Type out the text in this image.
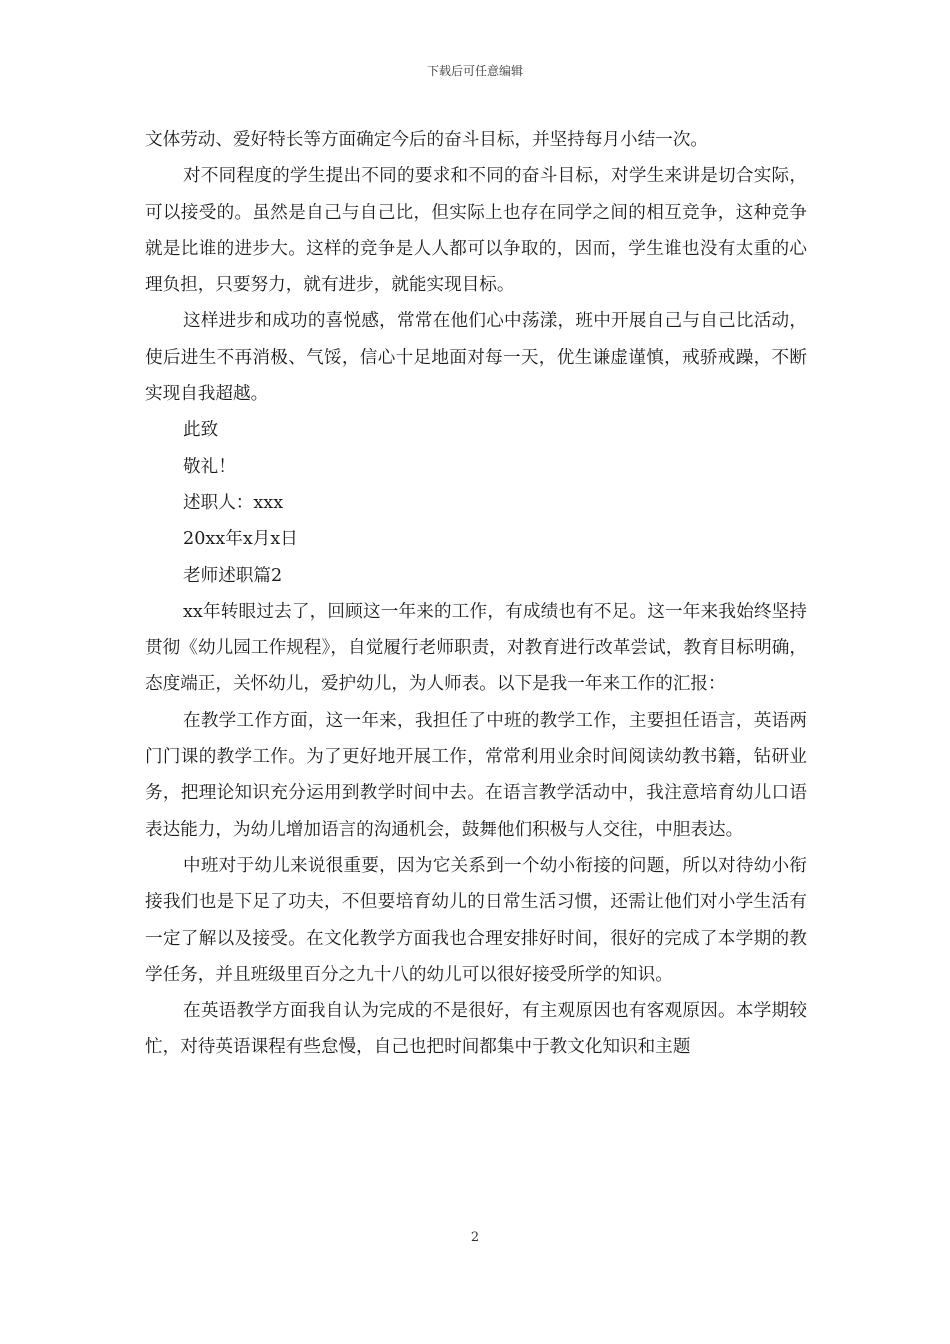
下载后可任意编辑

文体劳动、爱好特长等方面确定今后的奋斗目标，并坚持每月小结一次。

对不同程度的学生提出不同的要求和不同的奋斗目标，对学生来讲是切合实际，可以接受的。虽然是自己与自己比，但实际上也存在同学之间的相互竞争，这种竞争就是比谁的进步大。这样的竞争是人人都可以争取的，因而，学生谁也没有太重的心理负担，只要努力，就有进步，就能实现目标。

这样进步和成功的喜悦感，常常在他们心中荡漾，班中开展自己与自己比活动，使后进生不再消极、气馁，信心十足地面对每一天，优生谦虚谨慎，戒骄戒躁，不断实现自我超越。

此致

敬礼！

述职人：xxx

20xx年x月x日

老师述职篇2

xx年转眼过去了，回顾这一年来的工作，有成绩也有不足。这一年来我始终坚持贯彻《幼儿园工作规程》，自觉履行老师职责，对教育进行改革尝试，教育目标明确，态度端正，关怀幼儿，爱护幼儿，为人师表。以下是我一年来工作的汇报：

在教学工作方面，这一年来，我担任了中班的教学工作，主要担任语言，英语两门门课的教学工作。为了更好地开展工作，常常利用业余时间阅读幼教书籍，钻研业务，把理论知识充分运用到教学时间中去。在语言教学活动中，我注意培育幼儿口语表达能力，为幼儿增加语言的沟通机会，鼓舞他们积极与人交往，中胆表达。

中班对于幼儿来说很重要，因为它关系到一个幼小衔接的问题，所以对待幼小衔接我们也是下足了功夫，不但要培育幼儿的日常生活习惯，还需让他们对小学生活有一定了解以及接受。在文化教学方面我也合理安排好时间，很好的完成了本学期的教学任务，并且班级里百分之九十八的幼儿可以很好接受所学的知识。

在英语教学方面我自认为完成的不是很好，有主观原因也有客观原因。本学期较忙，对待英语课程有些怠慢，自己也把时间都集中于教文化知识和主题

2
